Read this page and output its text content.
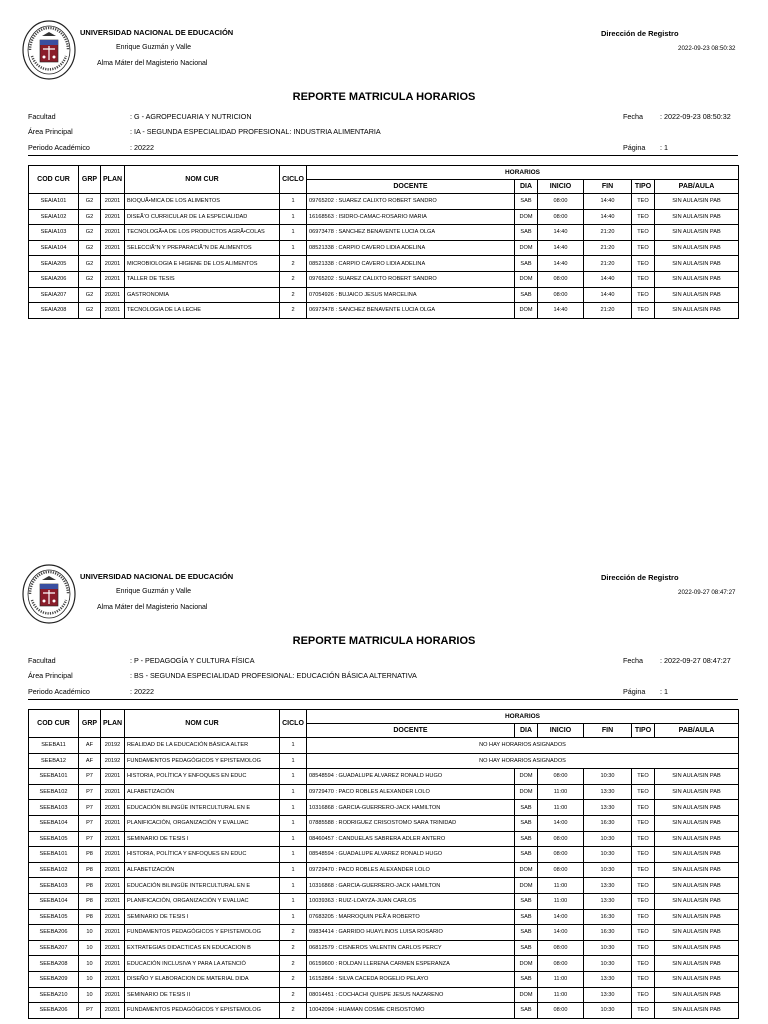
UNIVERSIDAD NACIONAL DE EDUCACIÓN
Enrique Guzmán y Valle
Alma Máter del Magisterio Nacional
Dirección de Registro
2022-09-23 08:50:32
REPORTE MATRICULA HORARIOS
Facultad	: G - AGROPECUARIA Y NUTRICION
Área Principal	: IA - SEGUNDA ESPECIALIDAD PROFESIONAL: INDUSTRIA ALIMENTARIA
Periodo Académico	: 20222
Fecha : 2022-09-23 08:50:32
Página : 1
COD CUR	GRP	PLAN	NOM CUR	CICLO	HORARIOS					
					DOCENTE	DIA	INICIO	FIN	TIPO	PAB/AULA
SEAIA101	G2	20201	BIOQUÃ•MICA DE LOS ALIMENTOS	1	09765202 : SUAREZ CALIXTO ROBERT SANDRO	SAB	08:00	14:40	TEO	SIN AULA/SIN PAB
SEAIA102	G2	20201	DISEÃ‘O CURRICULAR DE LA ESPECIALIDAD	1	16168563 : ISIDRO-CAMAC-ROSARIO MARIA	DOM	08:00	14:40	TEO	SIN AULA/SIN PAB
SEAIA103	G2	20201	TECNOLOGÃ•A DE LOS PRODUCTOS AGRÃ•COLAS	1	06973478 : SANCHEZ BENAVENTE LUCIA OLGA	SAB	14:40	21:20	TEO	SIN AULA/SIN PAB
SEAIA104	G2	20201	SELECCIÃ“N Y PREPARACIÃ“N DE ALIMENTOS	1	08521338 : CARPIO CAVERO LIDIA ADELINA	DOM	14:40	21:20	TEO	SIN AULA/SIN PAB
SEAIA205	G2	20201	MICROBIOLOGIA E HIGIENE DE LOS ALIMENTOS	2	08521338 : CARPIO CAVERO LIDIA ADELINA	SAB	14:40	21:20	TEO	SIN AULA/SIN PAB
SEAIA206	G2	20201	TALLER DE TESIS	2	09765202 : SUAREZ CALIXTO ROBERT SANDRO	DOM	08:00	14:40	TEO	SIN AULA/SIN PAB
SEAIA207	G2	20201	GASTRONOMIA	2	07054926 : BUJAICO JESUS MARCELINA	SAB	08:00	14:40	TEO	SIN AULA/SIN PAB
SEAIA208	G2	20201	TECNOLOGIA DE LA LECHE	2	06973478 : SANCHEZ BENAVENTE LUCIA OLGA	DOM	14:40	21:20	TEO	SIN AULA/SIN PAB
UNIVERSIDAD NACIONAL DE EDUCACIÓN
Enrique Guzmán y Valle
Alma Máter del Magisterio Nacional
Dirección de Registro
2022-09-27 08:47:27
REPORTE MATRICULA HORARIOS
Facultad	: P - PEDAGOGÍA Y CULTURA FÍSICA
Área Principal	: BS - SEGUNDA ESPECIALIDAD PROFESIONAL: EDUCACIÓN BÁSICA ALTERNATIVA
Periodo Académico	: 20222
Fecha : 2022-09-27 08:47:27
Página : 1
COD CUR	GRP	PLAN	NOM CUR	CICLO	HORARIOS					
					DOCENTE	DIA	INICIO	FIN	TIPO	PAB/AULA
SEEBA11	AF	20192	REALIDAD DE LA EDUCACIÓN BÁSICA ALTER	1	NO HAY HORARIOS ASIGNADOS					
SEEBA12	AF	20192	FUNDAMENTOS PEDAGÓGICOS Y EPISTEMOLOG	1	NO HAY HORARIOS ASIGNADOS					
SEEBA101	P7	20201	HISTORIA, POLÍTICA Y ENFOQUES EN EDUC	1	08548594 : GUADALUPE ALVAREZ RONALD HUGO	DOM	08:00	10:30	TEO	SIN AULA/SIN PAB
SEEBA102	P7	20201	ALFABETIZACIÓN	1	09729470 : PACO ROBLES ALEXANDER LOLO	DOM	11:00	13:30	TEO	SIN AULA/SIN PAB
SEEBA103	P7	20201	EDUCACIÓN BILINGÜE INTERCULTURAL EN E	1	10316868 : GARCIA-GUERRERO-JACK HAMILTON	SAB	11:00	13:30	TEO	SIN AULA/SIN PAB
SEEBA104	P7	20201	PLANIFICACIÓN, ORGANIZACIÓN Y EVALUAC	1	07885588 : RODRIGUEZ CRISOSTOMO SARA TRINIDAD	SAB	14:00	16:30	TEO	SIN AULA/SIN PAB
SEEBA105	P7	20201	SEMINARIO DE TESIS I	1	08460457 : CANDUELAS SABRERA ADLER ANTERO	SAB	08:00	10:30	TEO	SIN AULA/SIN PAB
SEEBA101	P8	20201	HISTORIA, POLÍTICA Y ENFOQUES EN EDUC	1	08548594 : GUADALUPE ALVAREZ RONALD HUGO	SAB	08:00	10:30	TEO	SIN AULA/SIN PAB
SEEBA102	P8	20201	ALFABETIZACIÓN	1	09729470 : PACO ROBLES ALEXANDER LOLO	DOM	08:00	10:30	TEO	SIN AULA/SIN PAB
SEEBA103	P8	20201	EDUCACIÓN BILINGÜE INTERCULTURAL EN E	1	10316868 : GARCIA-GUERRERO-JACK HAMILTON	DOM	11:00	13:30	TEO	SIN AULA/SIN PAB
SEEBA104	P8	20201	PLANIFICACIÓN, ORGANIZACIÓN Y EVALUAC	1	10039363 : RUIZ-LOAYZA-JUAN CARLOS	SAB	11:00	13:30	TEO	SIN AULA/SIN PAB
SEEBA105	P8	20201	SEMINARIO DE TESIS I	1	07683205 : MARROQUIN PEÃ‘A ROBERTO	SAB	14:00	16:30	TEO	SIN AULA/SIN PAB
SEEBA206	10	20201	FUNDAMENTOS PEDAGÓGICOS Y EPISTEMOLOG	2	09834414 : GARRIDO HUAYLINOS LUISA ROSARIO	SAB	14:00	16:30	TEO	SIN AULA/SIN PAB
SEEBA207	10	20201	EXTRATEGIAS DIDACTICAS EN EDUCACION B	2	06812579 : CISNEROS VALENTIN CARLOS PERCY	SAB	08:00	10:30	TEO	SIN AULA/SIN PAB
SEEBA208	10	20201	EDUCACIÓN INCLUSIVA Y PARA LA ATENCIÓ	2	06159600 : ROLDAN LLERENA CARMEN ESPERANZA	DOM	08:00	10:30	TEO	SIN AULA/SIN PAB
SEEBA209	10	20201	DISEÑO Y ELABORACION DE MATERIAL DIDA	2	16152864 : SILVA CACEDA ROGELIO PELAYO	SAB	11:00	13:30	TEO	SIN AULA/SIN PAB
SEEBA210	10	20201	SEMINARIO DE TESIS II	2	08014451 : COCHACHI QUISPE JESUS NAZARENO	DOM	11:00	13:30	TEO	SIN AULA/SIN PAB
SEEBA206	P7	20201	FUNDAMENTOS PEDAGÓGICOS Y EPISTEMOLOG	2	10042094 : HUAMAN COSME CRISOSTOMO	SAB	08:00	10:30	TEO	SIN AULA/SIN PAB
